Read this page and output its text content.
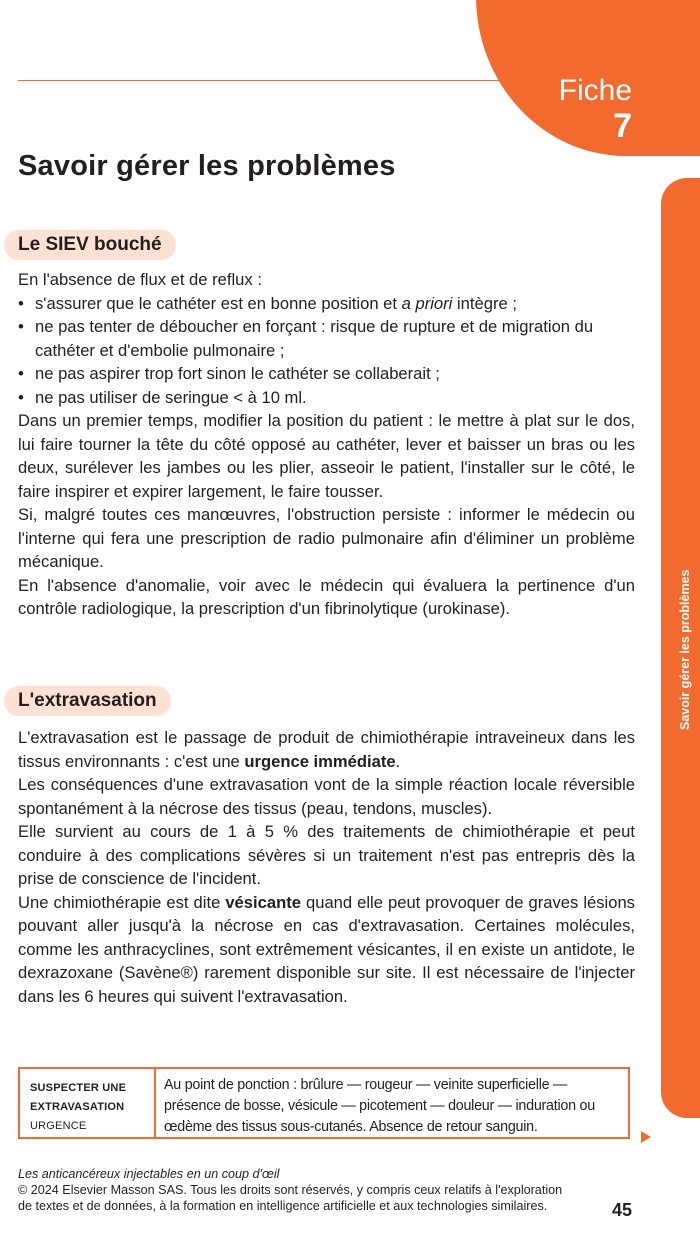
Fiche
7
Savoir gérer les problèmes
Savoir gérer les problèmes
Le SIEV bouché

En l'absence de flux et de reflux :

• s'assurer que le cathéter est en bonne position et a priori intègre ;
• ne pas tenter de déboucher en forçant : risque de rupture et de migration du cathéter et d'embolie pulmonaire ;
• ne pas aspirer trop fort sinon le cathéter se collaberait ;
• ne pas utiliser de seringue < à 10 ml.

Dans un premier temps, modifier la position du patient : le mettre à plat sur le dos, lui faire tourner la tête du côté opposé au cathéter, lever et baisser un bras ou les deux, surélever les jambes ou les plier, asseoir le patient, l'installer sur le côté, le faire inspirer et expirer largement, le faire tousser.

Si, malgré toutes ces manœuvres, l'obstruction persiste : informer le médecin ou l'interne qui fera une prescription de radio pulmonaire afin d'éliminer un problème mécanique.

En l'absence d'anomalie, voir avec le médecin qui évaluera la pertinence d'un contrôle radiologique, la prescription d'un fibrinolytique (urokinase).

L'extravasation

L'extravasation est le passage de produit de chimiothérapie intraveineux dans les tissus environnants : c'est une urgence immédiate.

Les conséquences d'une extravasation vont de la simple réaction locale réversible spontanément à la nécrose des tissus (peau, tendons, muscles).

Elle survient au cours de 1 à 5 % des traitements de chimiothérapie et peut conduire à des complications sévères si un traitement n'est pas entrepris dès la prise de conscience de l'incident.

Une chimiothérapie est dite vésicante quand elle peut provoquer de graves lésions pouvant aller jusqu'à la nécrose en cas d'extravasation. Certaines molécules, comme les anthracyclines, sont extrêmement vésicantes, il en existe un antidote, le dexrazoxane (Savène®) rarement disponible sur site. Il est nécessaire de l'injecter dans les 6 heures qui suivent l'extravasation.

SUSPECTER UNE
EXTRAVASATION
URGENCE
Au point de ponction : brûlure — rougeur — veinite superficielle — présence de bosse, vésicule — picotement — douleur — induration ou œdème des tissus sous-cutanés. Absence de retour sanguin.
Les anticancéreux injectables en un coup d'œil
© 2024 Elsevier Masson SAS. Tous les droits sont réservés, y compris ceux relatifs à l'exploration de textes et de données, à la formation en intelligence artificielle et aux technologies similaires.	45
